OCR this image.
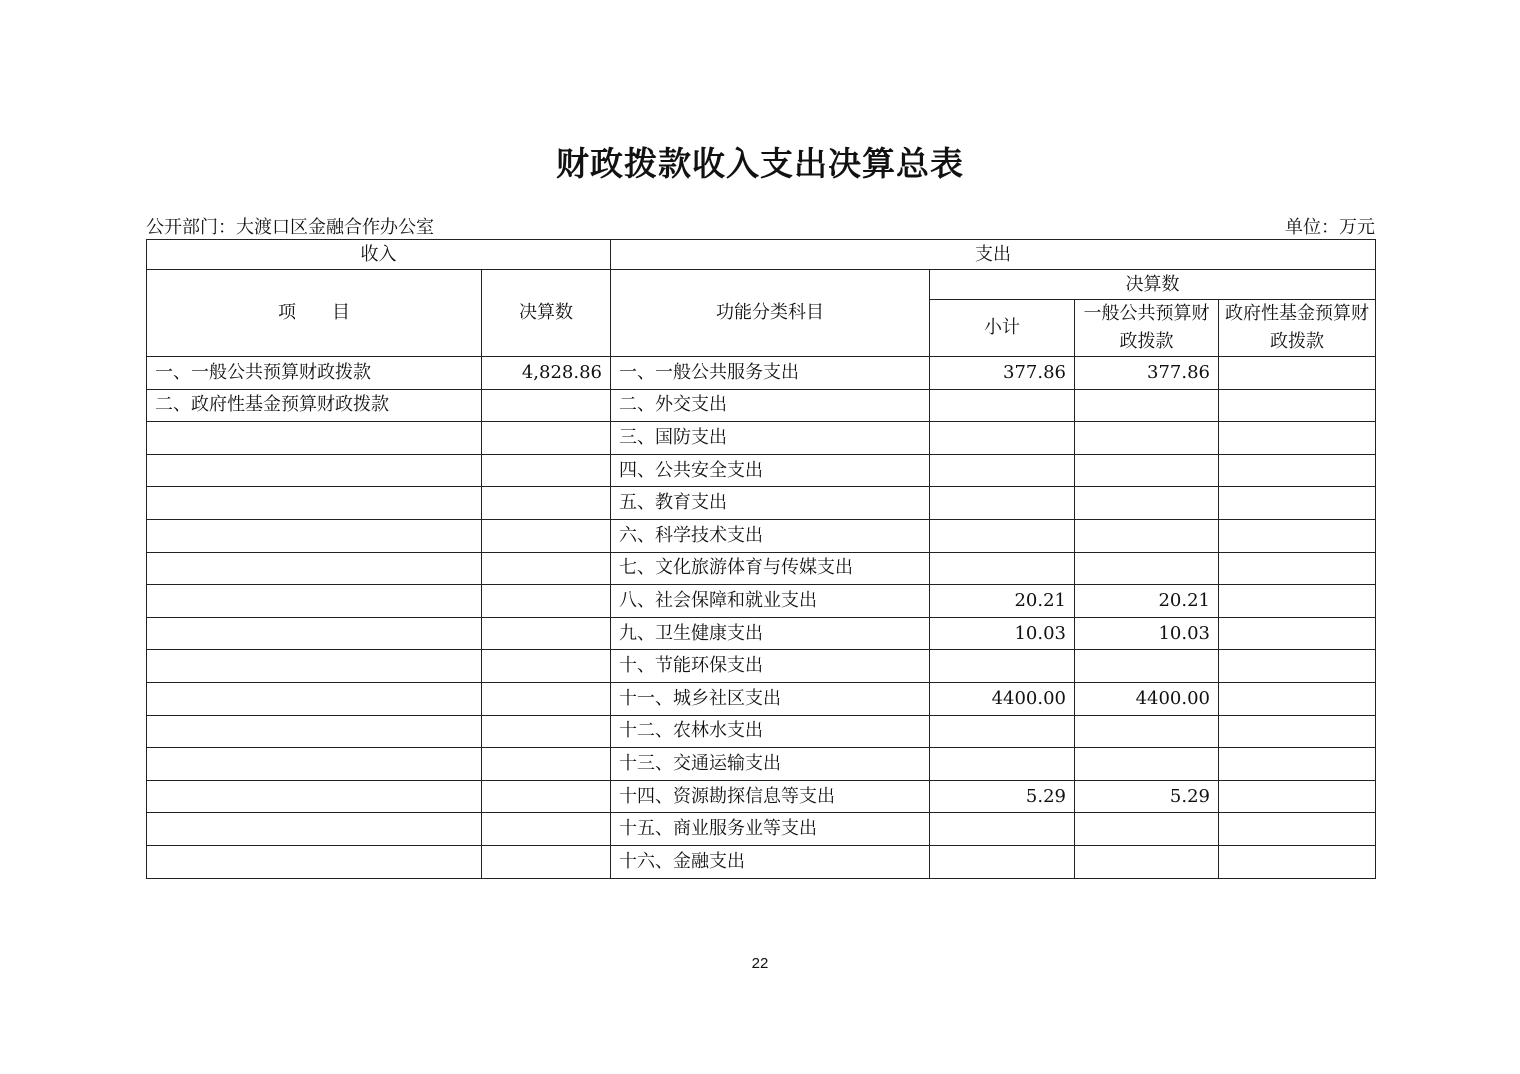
财政拨款收入支出决算总表
公开部门：大渡口区金融合作办公室	单位：万元
收入		支出			
项　　目	决算数	功能分类科目	决算数		
			小计	一般公共预算财政拨款	政府性基金预算财政拨款
一、一般公共预算财政拨款	4,828.86	一、一般公共服务支出	377.86	377.86	
二、政府性基金预算财政拨款		二、外交支出			
		三、国防支出			
		四、公共安全支出			
		五、教育支出			
		六、科学技术支出			
		七、文化旅游体育与传媒支出			
		八、社会保障和就业支出	20.21	20.21	
		九、卫生健康支出	10.03	10.03	
		十、节能环保支出			
		十一、城乡社区支出	4400.00	4400.00	
		十二、农林水支出			
		十三、交通运输支出			
		十四、资源勘探信息等支出	5.29	5.29	
		十五、商业服务业等支出			
		十六、金融支出			
22
